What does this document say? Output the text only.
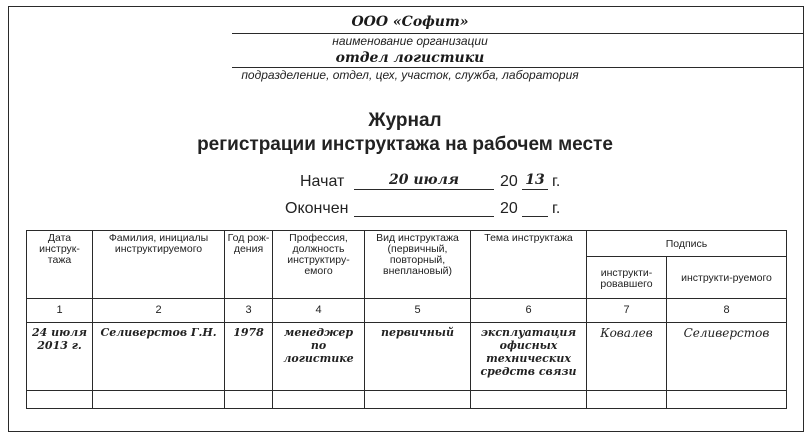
ООО «Софит»
наименование организации
отдел логистики
подразделение, отдел, цех, участок, служба, лаборатория
Журнал
регистрации инструктажа на рабочем месте
Начат	20 июля	20 13 г.
Окончен	20 г.
Дата инструк-тажа	Фамилия, инициалы инструктируемого	Год рож-дения	Профессия, должность инструктиру-емого	Вид инструктажа (первичный, повторный, внеплановый)	Тема инструктажа	Подпись	
						инструкти-ровавшего	инструкти-руемого
1	2	3	4	5	6	7	8
24 июля 2013 г.	Селиверстов Г.Н.	1978	менеджер по логистике	первичный	эксплуатация офисных технических средств связи	Ковалев	Селиверстов
